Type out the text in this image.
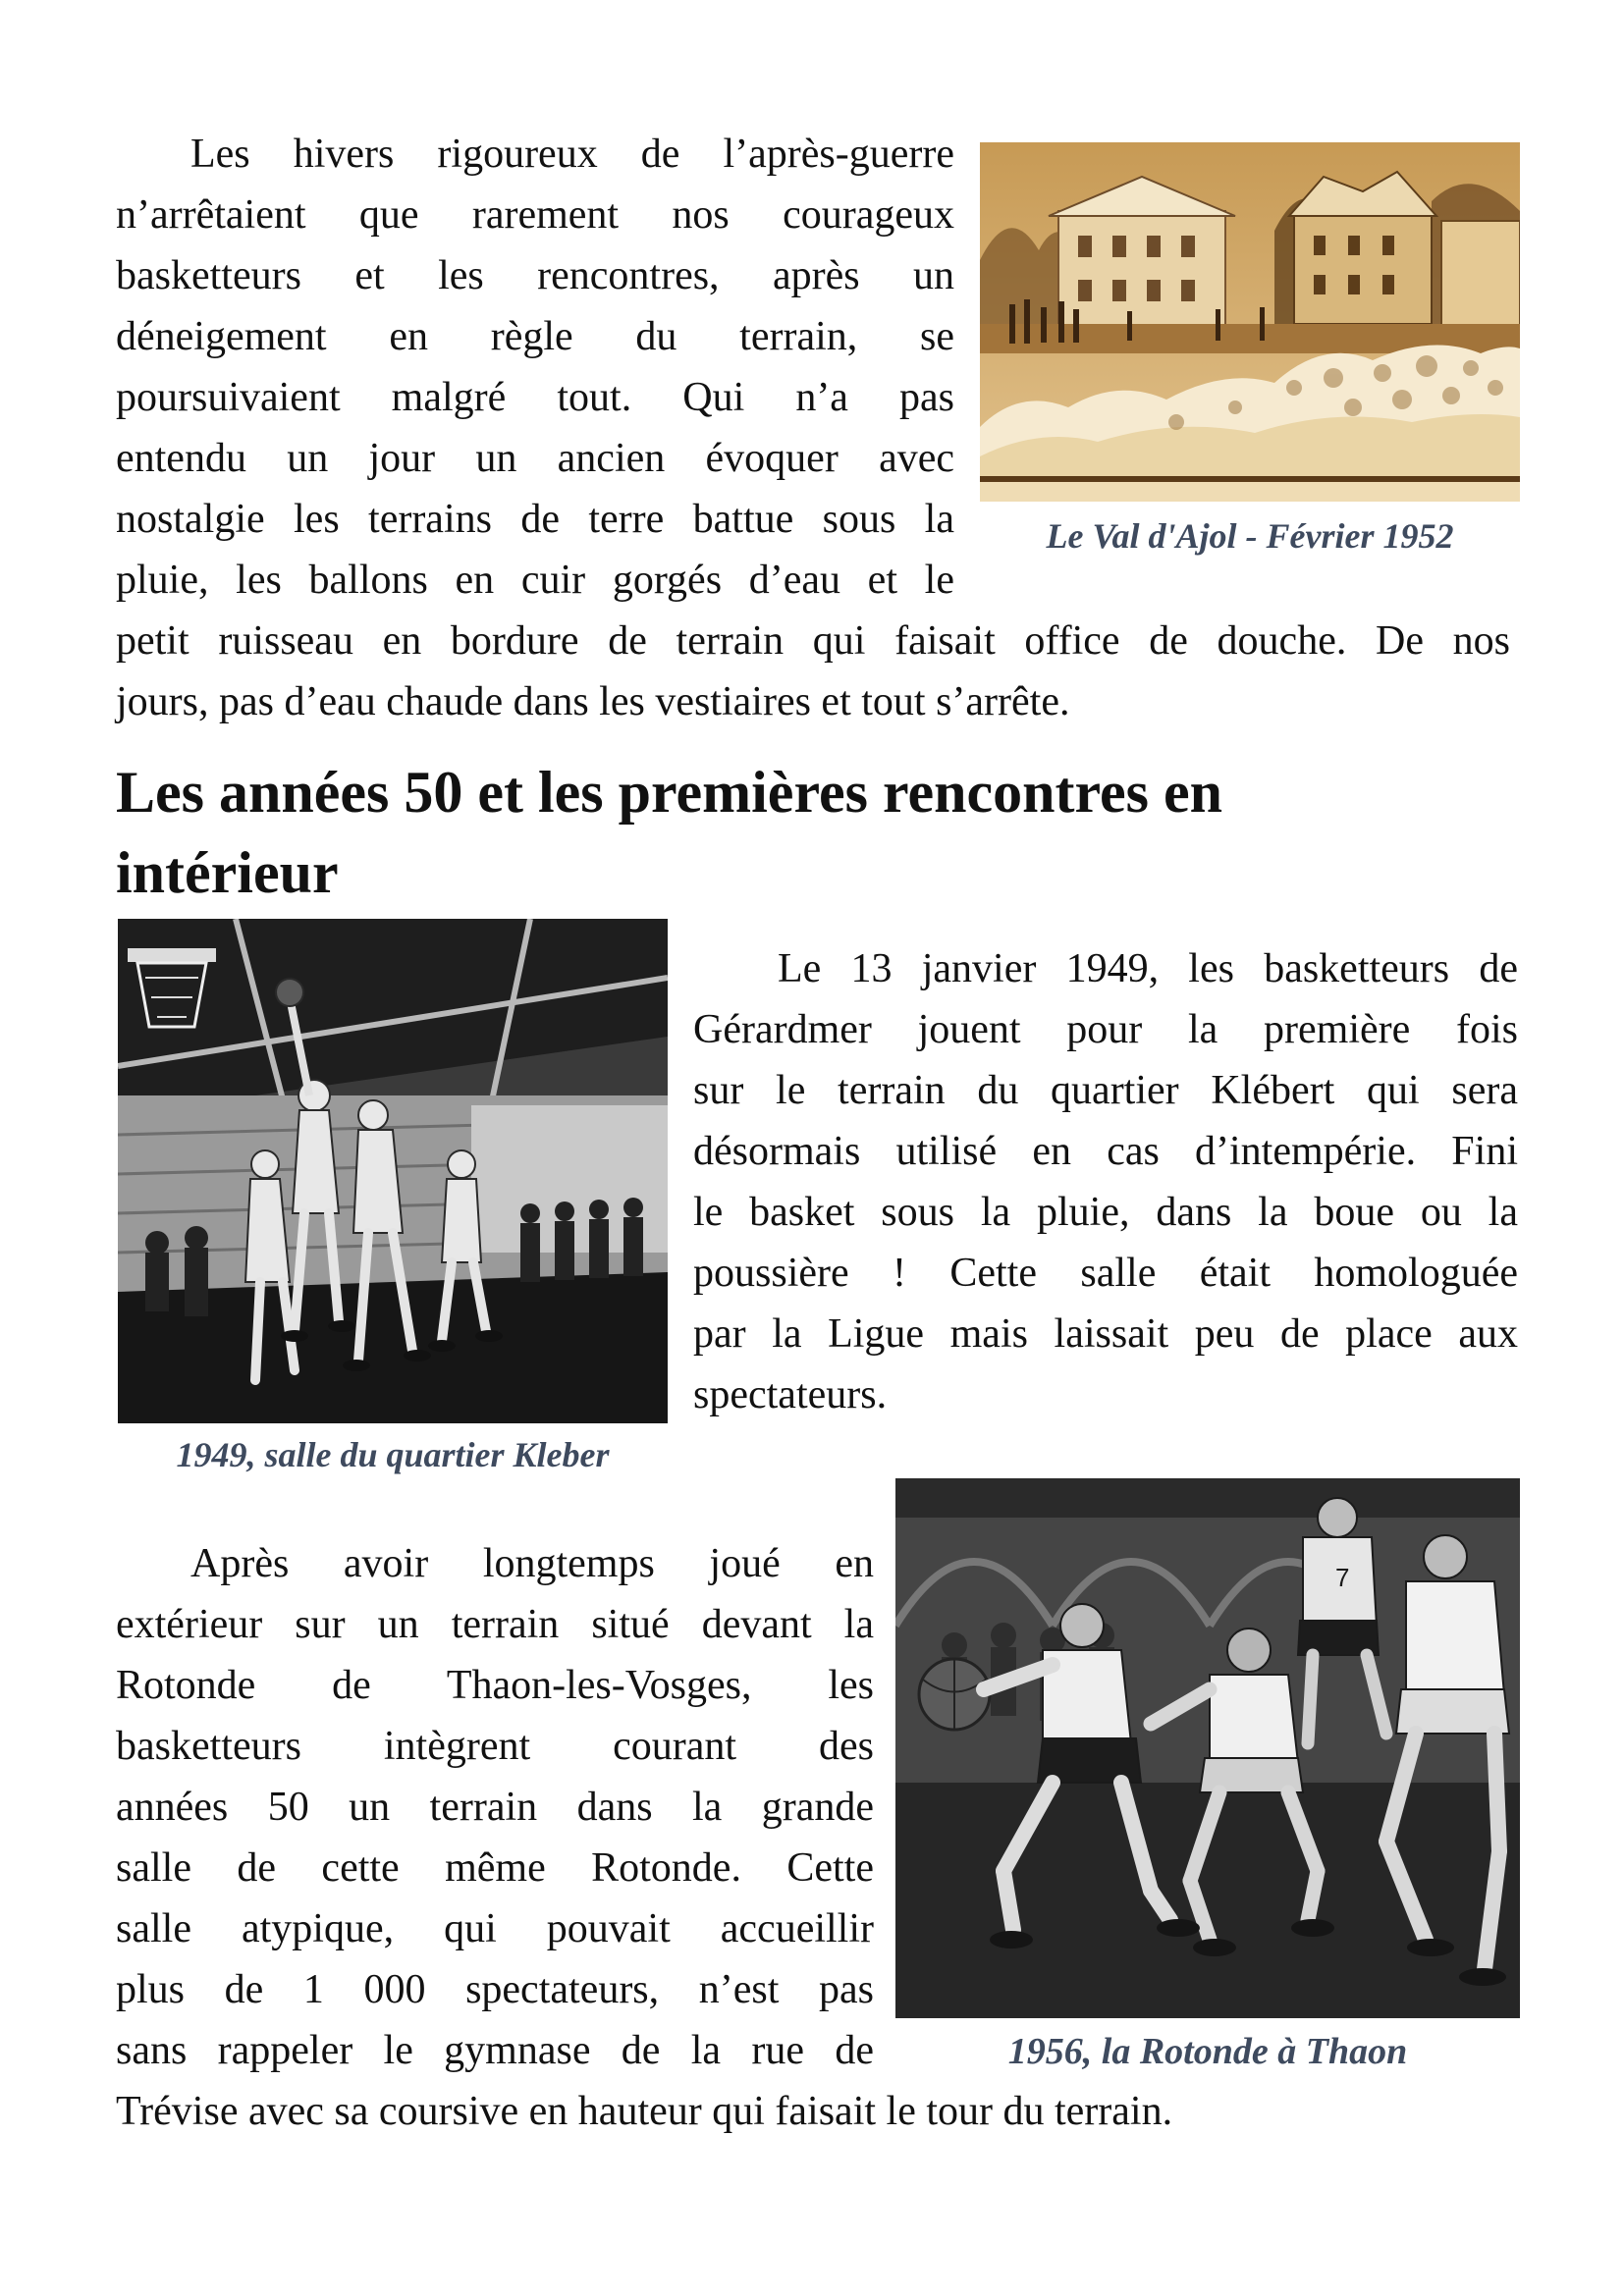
Les hivers rigoureux de l’après-guerre
n’arrêtaient que rarement nos courageux
basketteurs et les rencontres, après un
déneigement en règle du terrain, se
poursuivaient malgré tout. Qui n’a pas
entendu un jour un ancien évoquer avec
nostalgie les terrains de terre battue sous la
pluie, les ballons en cuir gorgés d’eau et le
petit ruisseau en bordure de terrain qui faisait office de douche. De nos
jours, pas d’eau chaude dans les vestiaires et tout s’arrête.

Le Val d'Ajol - Février 1952

Les années 50 et les premières rencontres en
intérieur

1949, salle du quartier Kleber

Le 13 janvier 1949, les basketteurs de
Gérardmer jouent pour la première fois
sur le terrain du quartier Klébert qui sera
désormais utilisé en cas d’intempérie. Fini
le basket sous la pluie, dans la boue ou la
poussière ! Cette salle était homologuée
par la Ligue mais laissait peu de place aux
spectateurs.
7

1956, la Rotonde à Thaon

Après avoir longtemps joué en
extérieur sur un terrain situé devant la
Rotonde de Thaon-les-Vosges, les
basketteurs intègrent courant des
années 50 un terrain dans la grande
salle de cette même Rotonde. Cette
salle atypique, qui pouvait accueillir
plus de 1 000 spectateurs, n’est pas
sans rappeler le gymnase de la rue de
Trévise avec sa coursive en hauteur qui faisait le tour du terrain.
